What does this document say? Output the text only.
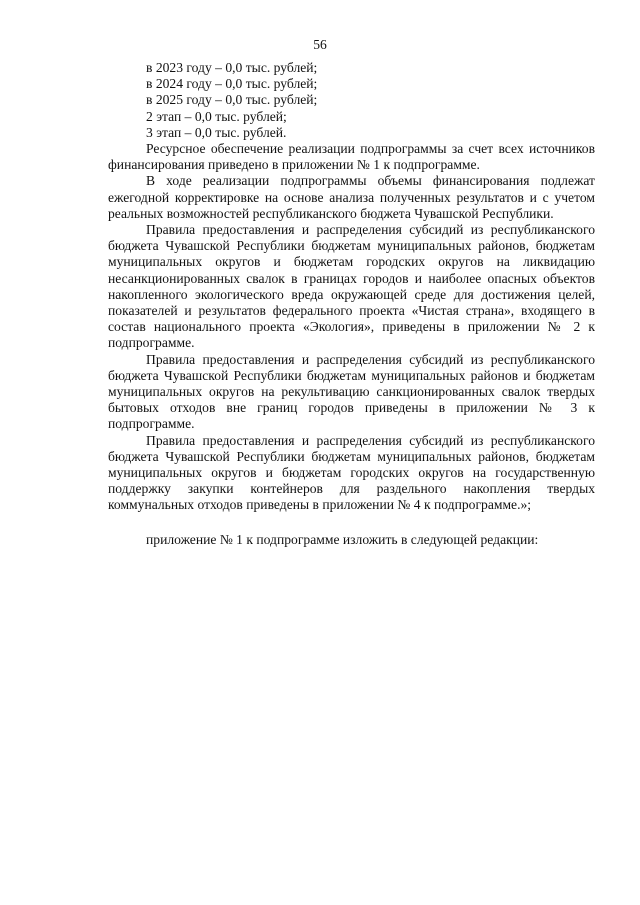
56
в 2023 году – 0,0 тыс. рублей;
в 2024 году – 0,0 тыс. рублей;
в 2025 году – 0,0 тыс. рублей;
2 этап – 0,0 тыс. рублей;
3 этап – 0,0 тыс. рублей.
Ресурсное обеспечение реализации подпрограммы за счет всех источников финансирования приведено в приложении № 1 к подпрограмме.
В ходе реализации подпрограммы объемы финансирования подлежат ежегодной корректировке на основе анализа полученных результатов и с учетом реальных возможностей республиканского бюджета Чувашской Республики.
Правила предоставления и распределения субсидий из республиканского бюджета Чувашской Республики бюджетам муниципальных районов, бюджетам муниципальных округов и бюджетам городских округов на ликвидацию несанкционированных свалок в границах городов и наиболее опасных объектов накопленного экологического вреда окружающей среде для достижения целей, показателей и результатов федерального проекта «Чистая страна», входящего в состав национального проекта «Экология», приведены в приложении № 2 к подпрограмме.
Правила предоставления и распределения субсидий из республиканского бюджета Чувашской Республики бюджетам муниципальных районов и бюджетам муниципальных округов на рекультивацию санкционированных свалок твердых бытовых отходов вне границ городов приведены в приложении № 3 к подпрограмме.
Правила предоставления и распределения субсидий из республиканского бюджета Чувашской Республики бюджетам муниципальных районов, бюджетам муниципальных округов и бюджетам городских округов на государственную поддержку закупки контейнеров для раздельного накопления твердых коммунальных отходов приведены в приложении № 4 к подпрограмме.»;
приложение № 1 к подпрограмме изложить в следующей редакции:
